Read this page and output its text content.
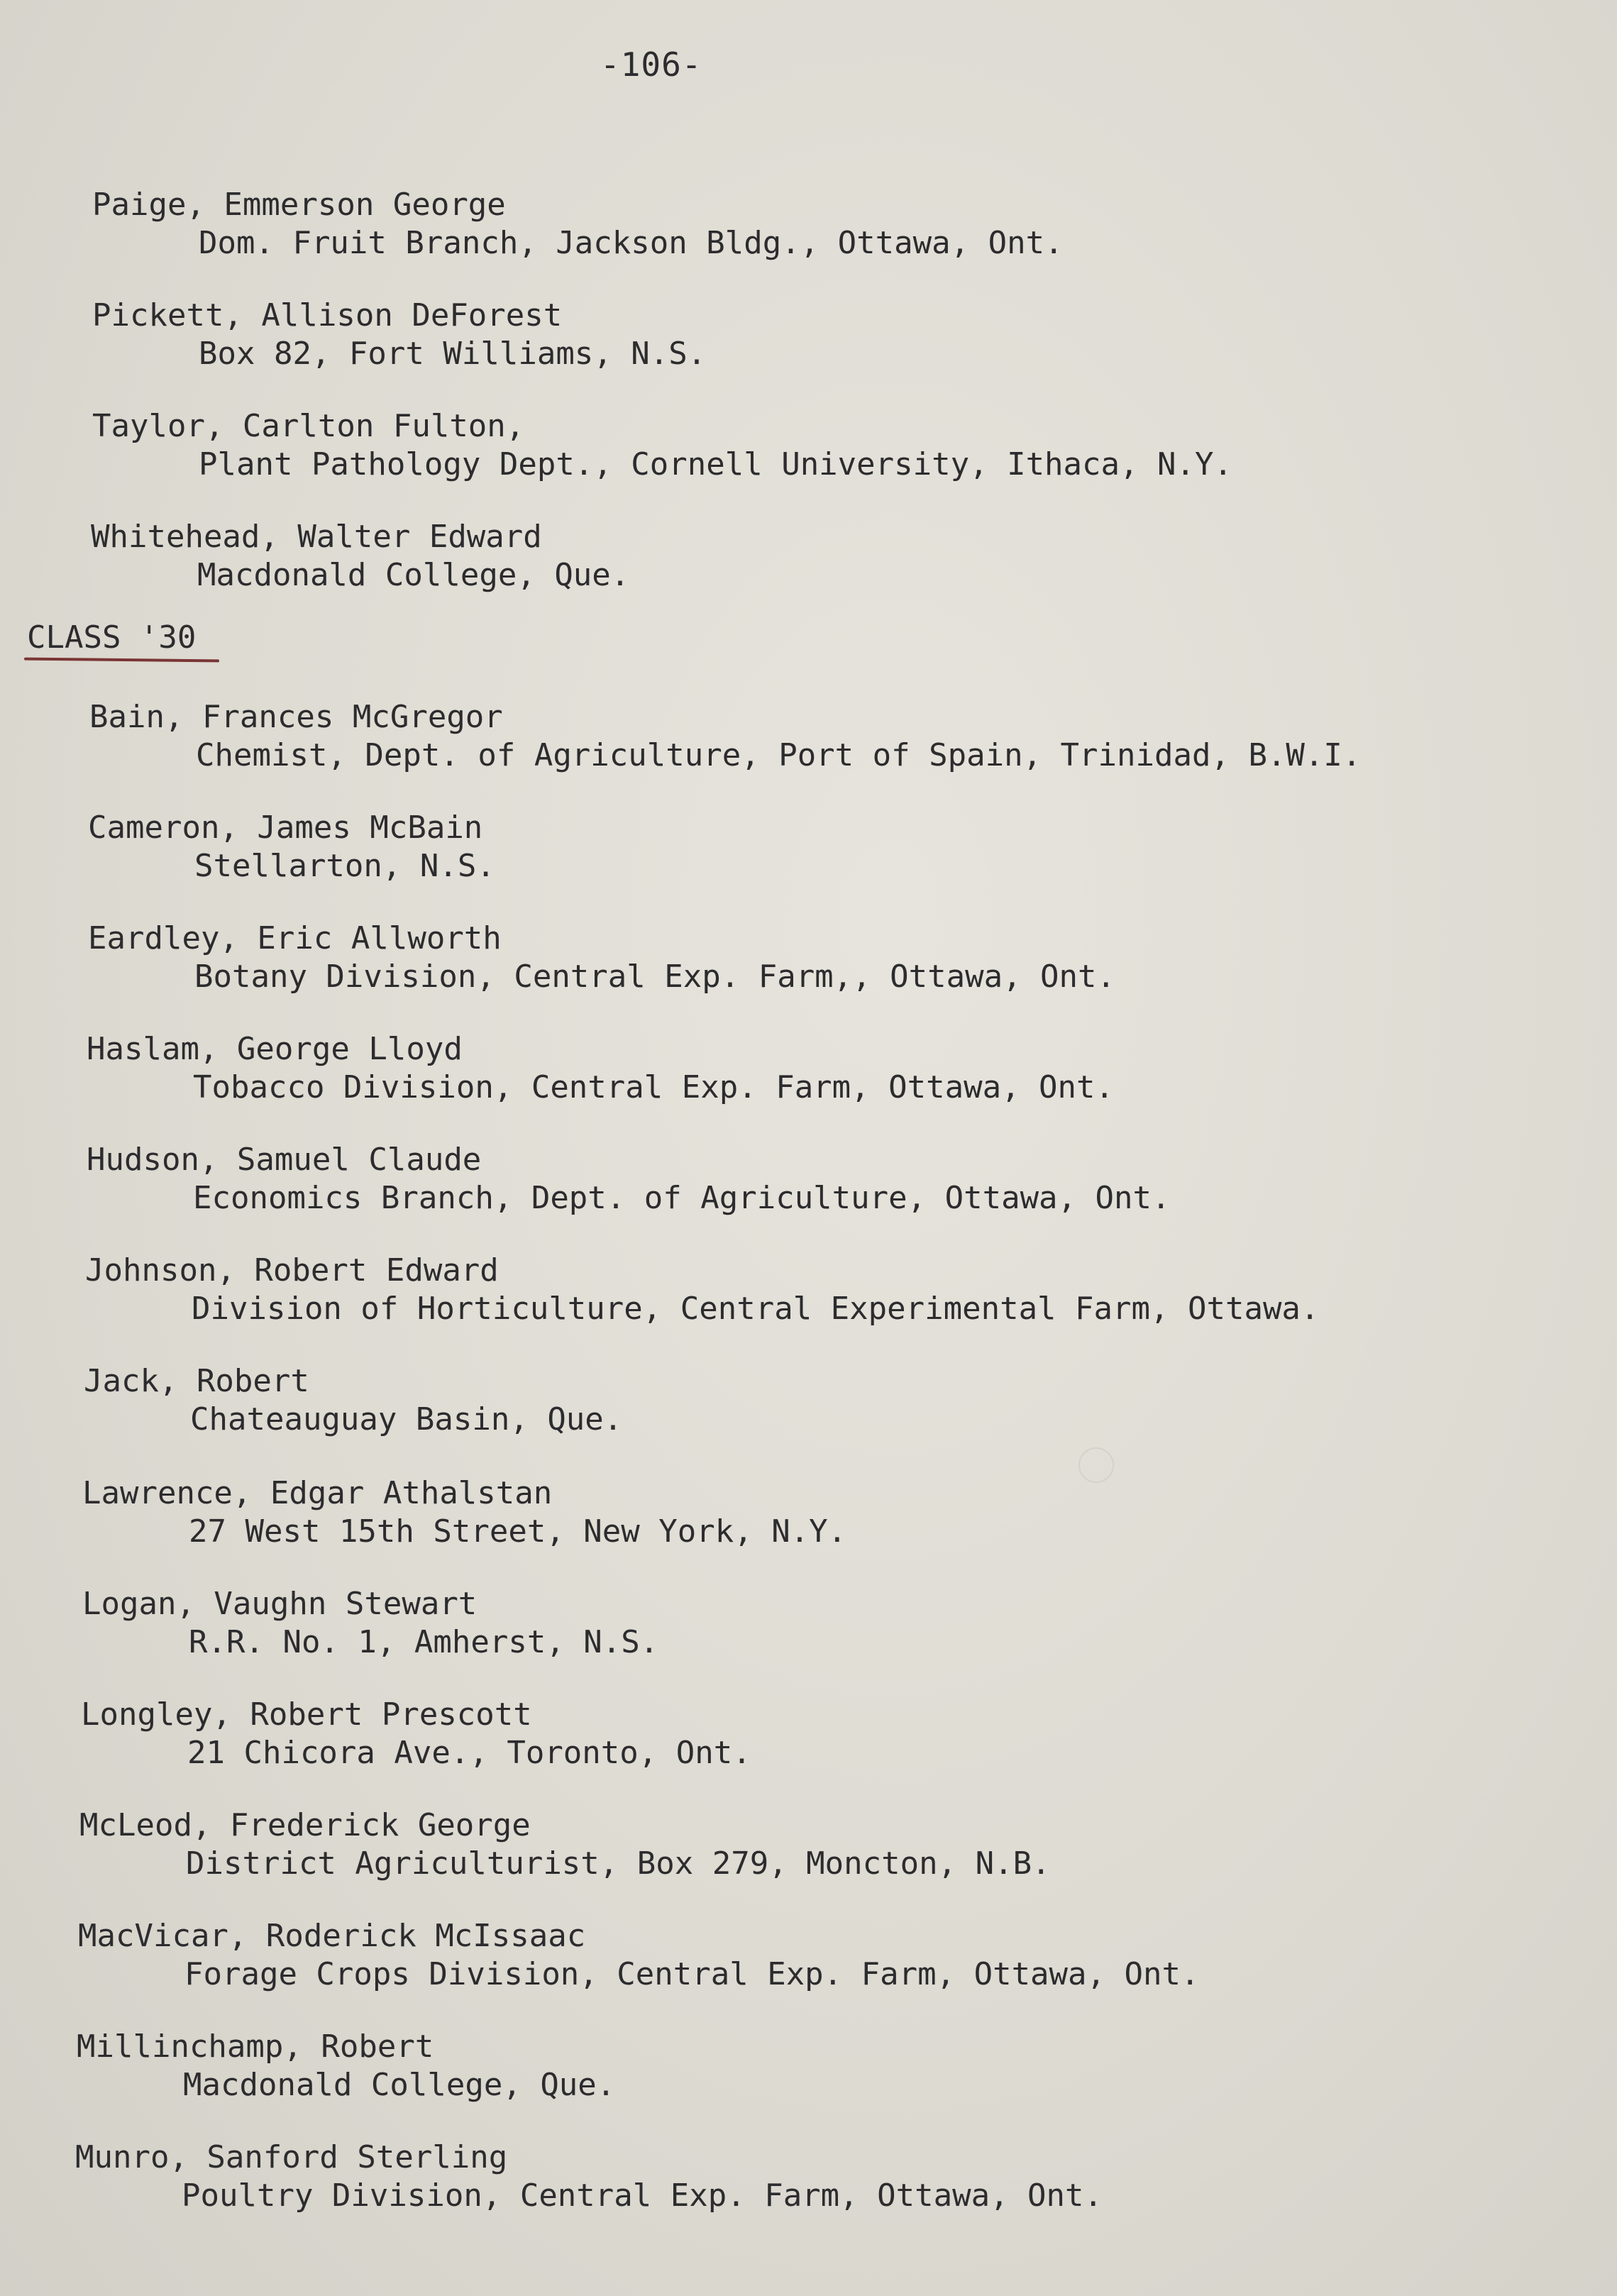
-106-
Paige, Emmerson George
Dom. Fruit Branch, Jackson Bldg., Ottawa, Ont.
Pickett, Allison DeForest
Box 82, Fort Williams, N.S.
Taylor, Carlton Fulton,
Plant Pathology Dept., Cornell University, Ithaca, N.Y.
Whitehead, Walter Edward
Macdonald College, Que.
CLASS '30
Bain, Frances McGregor
Chemist, Dept. of Agriculture, Port of Spain, Trinidad, B.W.I.
Cameron, James McBain
Stellarton, N.S.
Eardley, Eric Allworth
Botany Division, Central Exp. Farm,, Ottawa, Ont.
Haslam, George Lloyd
Tobacco Division, Central Exp. Farm, Ottawa, Ont.
Hudson, Samuel Claude
Economics Branch, Dept. of Agriculture, Ottawa, Ont.
Johnson, Robert Edward
Division of Horticulture, Central Experimental Farm, Ottawa.
Jack, Robert
Chateauguay Basin, Que.
Lawrence, Edgar Athalstan
27 West 15th Street, New York, N.Y.
Logan, Vaughn Stewart
R.R. No. 1, Amherst, N.S.
Longley, Robert Prescott
21 Chicora Ave., Toronto, Ont.
McLeod, Frederick George
District Agriculturist, Box 279, Moncton, N.B.
MacVicar, Roderick McIssaac
Forage Crops Division, Central Exp. Farm, Ottawa, Ont.
Millinchamp, Robert
Macdonald College, Que.
Munro, Sanford Sterling
Poultry Division, Central Exp. Farm, Ottawa, Ont.
